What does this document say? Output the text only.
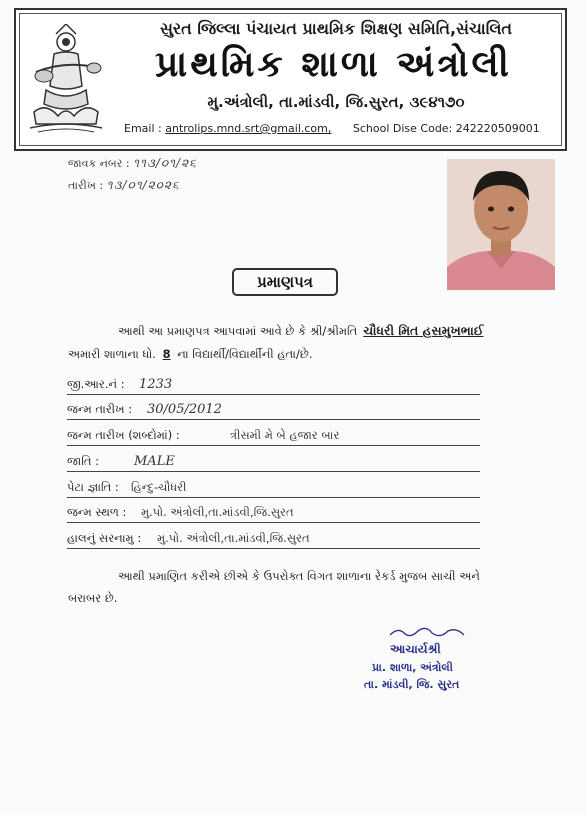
સુરત જિલ્લા પંચાયત પ્રાથમિક શિક્ષણ સમિતિ,સંચાલિત
પ્રાથમિક શાળા અંત્રોલી
મુ.અંત્રોલી, તા.માંડવી, જિ.સુરત, ૩૯૪૧૭૦
Email : antrolips.mnd.srt@gmail.com, School Dise Code: 242220509001
જાવક નંબર : ૧૧૩/૦૧/૨૬
તારીખ : ૧૩/૦૧/૨૦૨૬
પ્રમાણપત્ર
આથી આ પ્રમાણપત્ર આપવામાં આવે છે કે શ્રી/શ્રીમતિ ચૌધરી મિત હસમુખભાઈ
અમારી શાળાના ધો. 8 ના વિદ્યાર્થી/વિદ્યાર્થીની હતા/છે.
જી.આર.નં : 1233
જન્મ તારીખ : 30/05/2012
જન્મ તારીખ (શબ્દોમાં) :	ત્રીસમી મે બે હજાર બાર
જાતિ :	MALE
પેટા જ્ઞાતિ : હિન્દુ-ચૌધરી
જન્મ સ્થળ : મુ.પો. અંત્રોલી,તા.માંડવી,જિ.સુરત
હાલનું સરનામુ : મુ.પો. અંત્રોલી,તા.માંડવી,જિ.સુરત
આથી પ્રમાણિત કરીએ છીએ કે ઉપરોક્ત વિગત શાળાના રેકર્ડ મુજબ સાચી અને
બરાબર છે.
આચાર્યશ્રી
પ્રા. શાળા, અંત્રોલી
તા. માંડવી, જિ. સુરત
